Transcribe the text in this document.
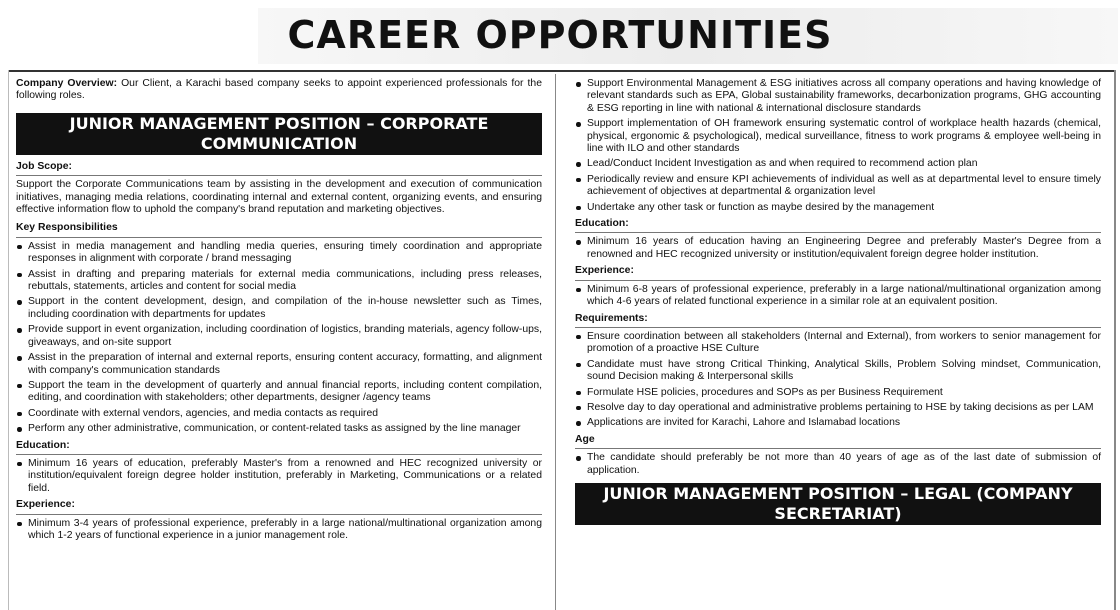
CAREER OPPORTUNITIES

Company Overview: Our Client, a Karachi based company seeks to appoint experienced professionals for the following roles.

JUNIOR MANAGEMENT POSITION – CORPORATE COMMUNICATION
Job Scope:

Support the Corporate Communications team by assisting in the development and execution of communication initiatives, managing media relations, coordinating internal and external content, organizing events, and ensuring effective information flow to uphold the company's brand reputation and marketing objectives.

Key Responsibilities
Assist in media management and handling media queries, ensuring timely coordination and appropriate responses in alignment with corporate / brand messaging
Assist in drafting and preparing materials for external media communications, including press releases, rebuttals, statements, articles and content for social media
Support in the content development, design, and compilation of the in-house newsletter such as Times, including coordination with departments for updates
Provide support in event organization, including coordination of logistics, branding materials, agency follow-ups, giveaways, and on-site support
Assist in the preparation of internal and external reports, ensuring content accuracy, formatting, and alignment with company's communication standards
Support the team in the development of quarterly and annual financial reports, including content compilation, editing, and coordination with stakeholders; other departments, designer /agency teams
Coordinate with external vendors, agencies, and media contacts as required
Perform any other administrative, communication, or content-related tasks as assigned by the line manager
Education:
Minimum 16 years of education, preferably Master's from a renowned and HEC recognized university or institution/equivalent foreign degree holder institution, preferably in Marketing, Communications or a related field.
Experience:
Minimum 3-4 years of professional experience, preferably in a large national/multinational organization among which 1-2 years of functional experience in a junior management role.
Support Environmental Management & ESG initiatives across all company operations and having knowledge of relevant standards such as EPA, Global sustainability frameworks, decarbonization programs, GHG accounting & ESG reporting in line with national & international disclosure standards
Support implementation of OH framework ensuring systematic control of workplace health hazards (chemical, physical, ergonomic & psychological), medical surveillance, fitness to work programs & employee well-being in line with ILO and other standards
Lead/Conduct Incident Investigation as and when required to recommend action plan
Periodically review and ensure KPI achievements of individual as well as at departmental level to ensure timely achievement of objectives at departmental & organization level
Undertake any other task or function as maybe desired by the management
Education:
Minimum 16 years of education having an Engineering Degree and preferably Master's Degree from a renowned and HEC recognized university or institution/equivalent foreign degree holder institution.
Experience:
Minimum 6-8 years of professional experience, preferably in a large national/multinational organization among which 4-6 years of related functional experience in a similar role at an equivalent position.
Requirements:
Ensure coordination between all stakeholders (Internal and External), from workers to senior management for promotion of a proactive HSE Culture
Candidate must have strong Critical Thinking, Analytical Skills, Problem Solving mindset, Communication, sound Decision making & Interpersonal skills
Formulate HSE policies, procedures and SOPs as per Business Requirement
Resolve day to day operational and administrative problems pertaining to HSE by taking decisions as per LAM
Applications are invited for Karachi, Lahore and Islamabad locations
Age
The candidate should preferably be not more than 40 years of age as of the last date of submission of application.
JUNIOR MANAGEMENT POSITION – LEGAL (COMPANY SECRETARIAT)
